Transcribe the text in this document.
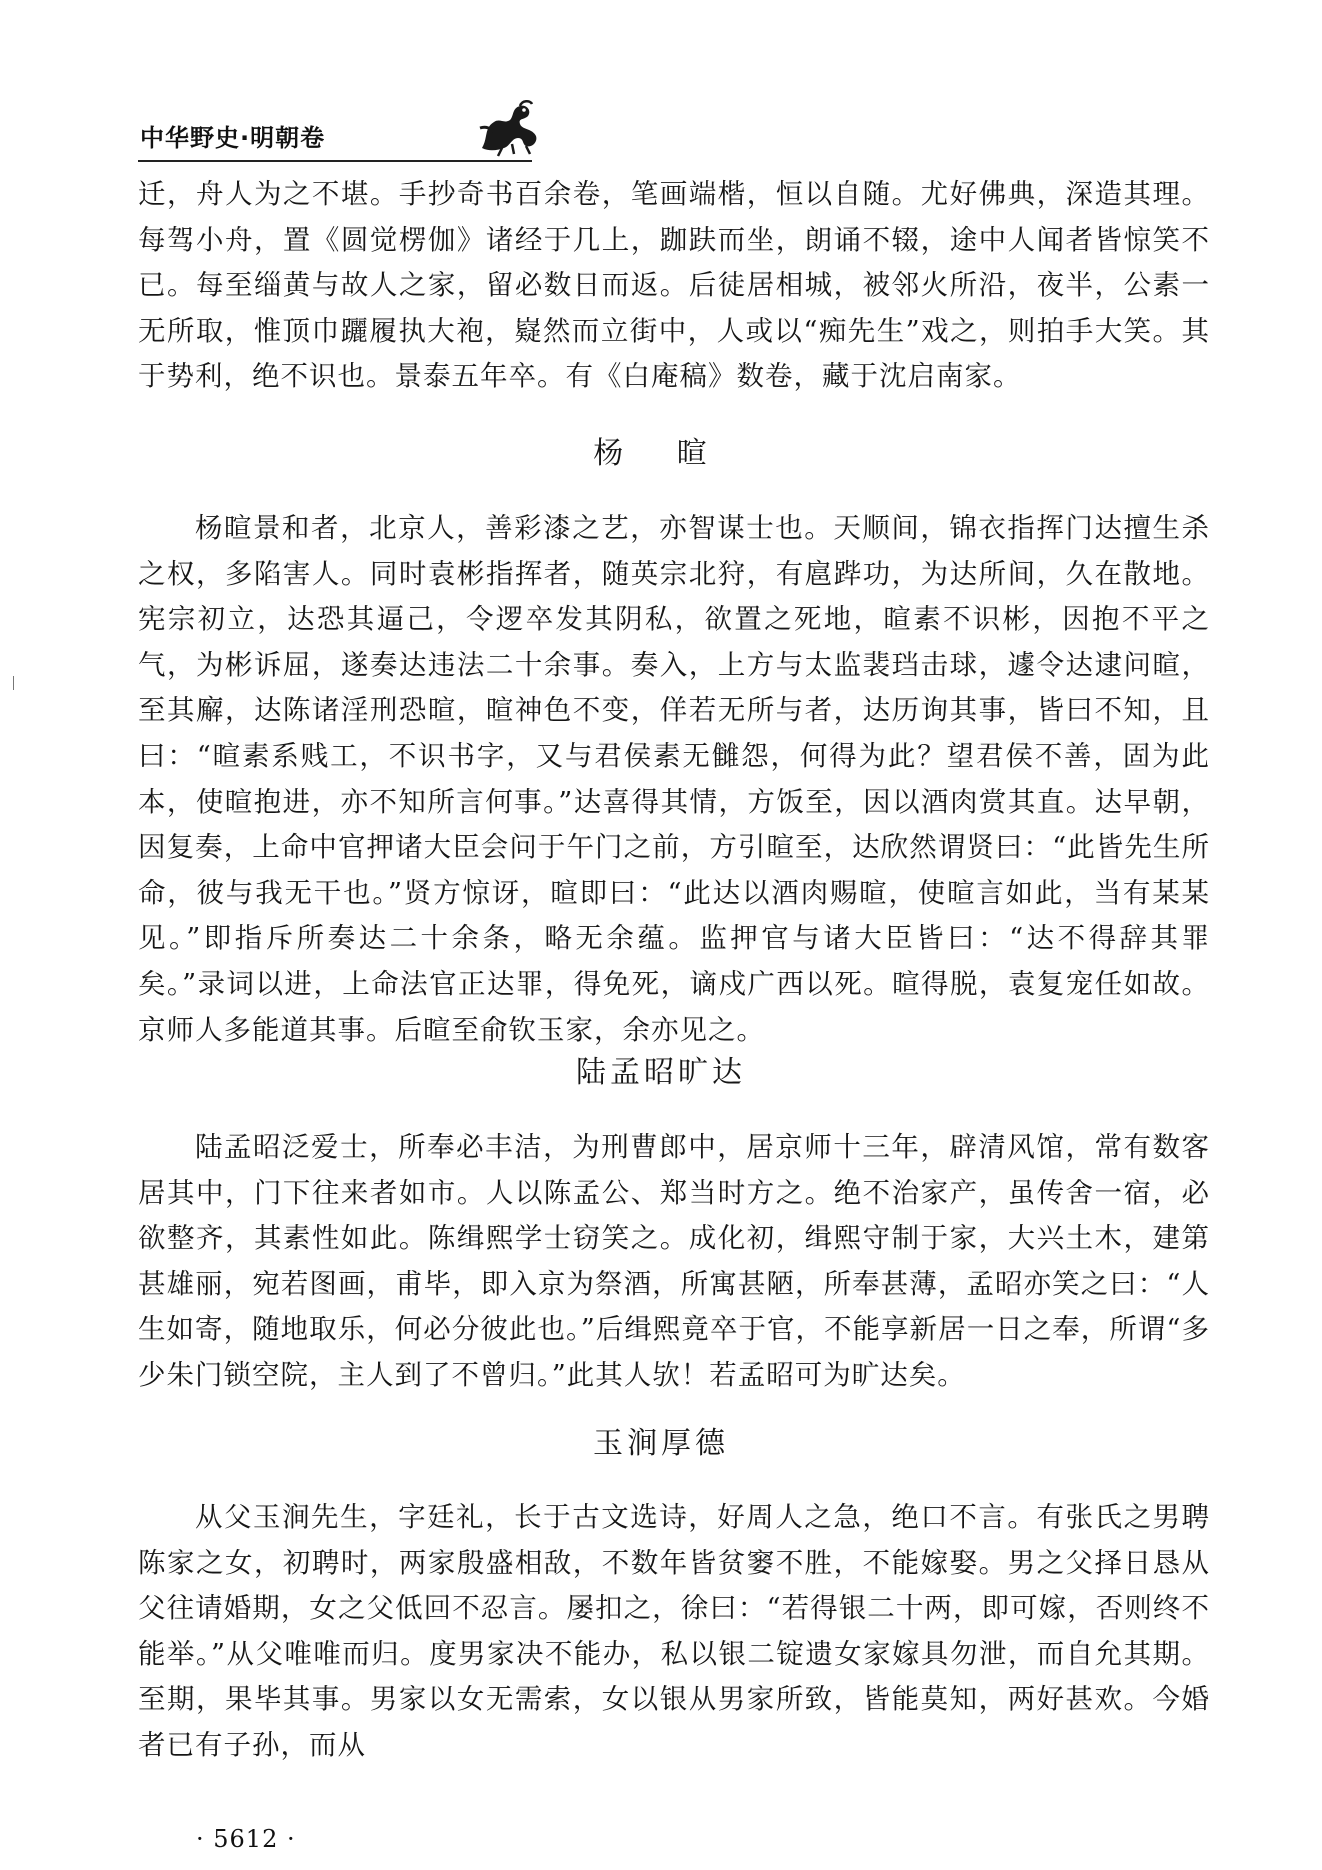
中华野史·明朝卷

迁，舟人为之不堪。手抄奇书百余卷，笔画端楷，恒以自随。尤好佛典，深造其理。每驾小舟，置《圆觉楞伽》诸经于几上，跏趺而坐，朗诵不辍，途中人闻者皆惊笑不已。每至缁黄与故人之家，留必数日而返。后徒居相城，被邻火所沿，夜半，公素一无所取，惟顶巾躧履执大袍，嶷然而立街中，人或以“痴先生”戏之，则拍手大笑。其于势利，绝不识也。景泰五年卒。有《白庵稿》数卷，藏于沈启南家。

杨 暄

杨暄景和者，北京人，善彩漆之艺，亦智谋士也。天顺间，锦衣指挥门达擅生杀之权，多陷害人。同时袁彬指挥者，随英宗北狩，有扈跸功，为达所间，久在散地。宪宗初立，达恐其逼己，令逻卒发其阴私，欲置之死地，暄素不识彬，因抱不平之气，为彬诉屈，遂奏达违法二十余事。奏入，上方与太监裴珰击球，遽令达逮问暄，至其廨，达陈诸淫刑恐暄，暄神色不变，佯若无所与者，达历询其事，皆曰不知，且曰：“暄素系贱工，不识书字，又与君侯素无雠怨，何得为此？望君侯不善，固为此本，使暄抱进，亦不知所言何事。”达喜得其情，方饭至，因以酒肉赏其直。达早朝，因复奏，上命中官押诸大臣会问于午门之前，方引暄至，达欣然谓贤曰：“此皆先生所命，彼与我无干也。”贤方惊讶，暄即曰：“此达以酒肉赐暄，使暄言如此，当有某某见。”即指斥所奏达二十余条，略无余蕴。监押官与诸大臣皆曰：“达不得辞其罪矣。”录词以进，上命法官正达罪，得免死，谪戍广西以死。暄得脱，袁复宠任如故。京师人多能道其事。后暄至俞钦玉家，余亦见之。

陆孟昭旷达

陆孟昭泛爱士，所奉必丰洁，为刑曹郎中，居京师十三年，辟清风馆，常有数客居其中，门下往来者如市。人以陈孟公、郑当时方之。绝不治家产，虽传舍一宿，必欲整齐，其素性如此。陈缉熙学士窃笑之。成化初，缉熙守制于家，大兴土木，建第甚雄丽，宛若图画，甫毕，即入京为祭酒，所寓甚陋，所奉甚薄，孟昭亦笑之曰：“人生如寄，随地取乐，何必分彼此也。”后缉熙竟卒于官，不能享新居一日之奉，所谓“多少朱门锁空院，主人到了不曾归。”此其人欤！若孟昭可为旷达矣。

玉涧厚德

从父玉涧先生，字廷礼，长于古文选诗，好周人之急，绝口不言。有张氏之男聘陈家之女，初聘时，两家殷盛相敌，不数年皆贫窭不胜，不能嫁娶。男之父择日恳从父往请婚期，女之父低回不忍言。屡扣之，徐曰：“若得银二十两，即可嫁，否则终不能举。”从父唯唯而归。度男家决不能办，私以银二锭遗女家嫁具勿泄，而自允其期。至期，果毕其事。男家以女无需索，女以银从男家所致，皆能莫知，两好甚欢。今婚者已有子孙，而从

· 5612 ·
